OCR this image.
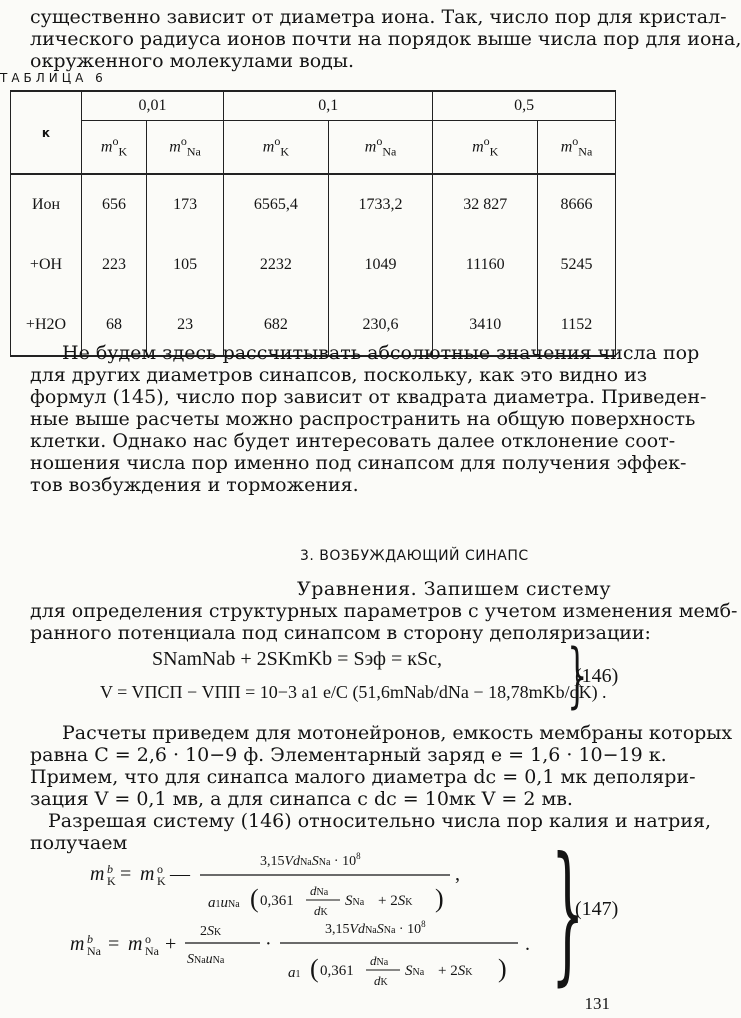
существенно зависит от диаметра иона. Так, число пор для кристал-
лического радиуса ионов почти на порядок выше числа пор для иона,
окруженного молекулами воды.
ТАБЛИЦА 6
к	0,01		0,1		0,5	
	$m^o_K$	$m^o_{Na}$	$m^o_K$	$m^o_{Na}$	$m^o_K$	$m^o_{Na}$
Ион	656	173	6565,4	1733,2	32 827	8666
+OH	223	105	2232	1049	11160	5245
+H2O	68	23	682	230,6	3410	1152
Не будем здесь рассчитывать абсолютные значения числа пор
для других диаметров синапсов, поскольку, как это видно из
формул (145), число пор зависит от квадрата диаметра. Приведен-
ные выше расчеты можно распространить на общую поверхность
клетки. Однако нас будет интересовать далее отклонение соот-
ношения числа пор именно под синапсом для получения эффек-
тов возбуждения и торможения.
3. ВОЗБУЖДАЮЩИЙ СИНАПС
Уравнения. Запишем систему
для определения структурных параметров с учетом изменения мемб-
ранного потенциала под синапсом в сторону деполяризации:
SNamNab + 2SKmKb = Sэф = кSc,
V = VПСП − VПП = 10−3 a1 e/C (51,6mNab/dNa − 18,78mKb/dK) .
}
(146)
Расчеты приведем для мотонейронов, емкость мембраны которых
равна C = 2,6 · 10−9 ф. Элементарный заряд e = 1,6 · 10−19 к.
Примем, что для синапса малого диаметра dc = 0,1 мк деполяри-
зация V = 0,1 мв, а для синапса с dc = 10мк V = 2 мв.
Разрешая систему (146) относительно числа пор калия и натрия,
получаем
m b
K = m o
K —
3,15VdNaSNa · $10^8$
a1uNa ( 0,361
dNa
dK
SNa + 2SK )
,
m b
Na = m o
Na +
2SK
SNauNa
·
3,15VdNaSNa · $10^8$
a1 ( 0,361
dNa
dK
SNa + 2SK )
. }
(147)
131
